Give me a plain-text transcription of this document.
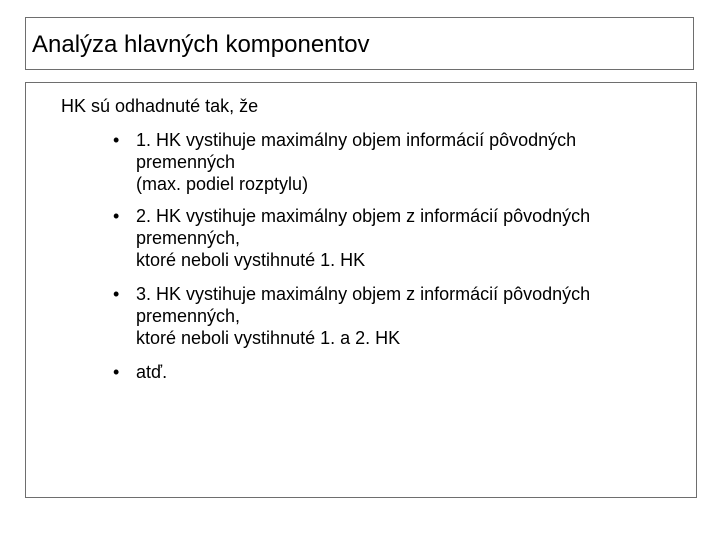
Analýza hlavných komponentov
HK sú odhadnuté tak, že
• 1. HK vystihuje maximálny objem informácií pôvodných
premenných
(max. podiel rozptylu)
• 2. HK vystihuje maximálny objem z informácií pôvodných
premenných,
ktoré neboli vystihnuté 1. HK
• 3. HK vystihuje maximálny objem z informácií pôvodných
premenných,
ktoré neboli vystihnuté 1. a 2. HK
• atď.
